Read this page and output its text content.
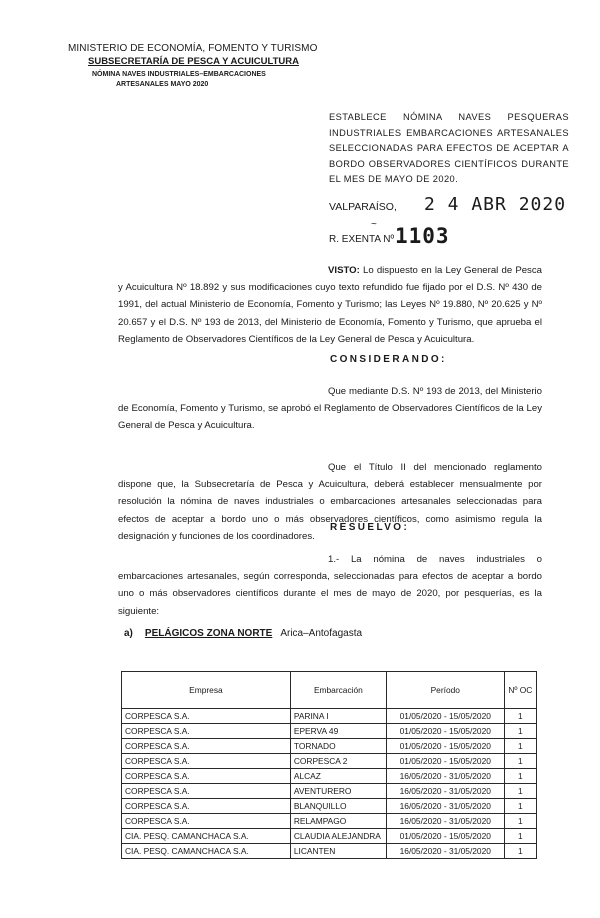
MINISTERIO DE ECONOMÍA, FOMENTO Y TURISMO
SUBSECRETARÍA DE PESCA Y ACUICULTURA
NÓMINA NAVES INDUSTRIALES–EMBARCACIONES
ARTESANALES MAYO 2020
ESTABLECE NÓMINA NAVES PESQUERAS INDUSTRIALES EMBARCACIONES ARTESANALES SELECCIONADAS PARA EFECTOS DE ACEPTAR A BORDO OBSERVADORES CIENTÍFICOS DURANTE EL MES DE MAYO DE 2020.
VALPARAÍSO, 2 4 ABR 2020
~
R. EXENTA Nº 1103

VISTO: Lo dispuesto en la Ley General de Pesca y Acuicultura Nº 18.892 y sus modificaciones cuyo texto refundido fue fijado por el D.S. Nº 430 de 1991, del actual Ministerio de Economía, Fomento y Turismo; las Leyes Nº 19.880, Nº 20.625 y Nº 20.657 y el D.S. Nº 193 de 2013, del Ministerio de Economía, Fomento y Turismo, que aprueba el Reglamento de Observadores Científicos de la Ley General de Pesca y Acuicultura.

CONSIDERANDO:

Que mediante D.S. Nº 193 de 2013, del Ministerio de Economía, Fomento y Turismo, se aprobó el Reglamento de Observadores Científicos de la Ley General de Pesca y Acuicultura.

Que el Título II del mencionado reglamento dispone que, la Subsecretaría de Pesca y Acuicultura, deberá establecer mensualmente por resolución la nómina de naves industriales o embarcaciones artesanales seleccionadas para efectos de aceptar a bordo uno o más observadores científicos, como asimismo regula la designación y funciones de los coordinadores.

RESUELVO:

1.- La nómina de naves industriales o embarcaciones artesanales, según corresponda, seleccionadas para efectos de aceptar a bordo uno o más observadores científicos durante el mes de mayo de 2020, por pesquerías, es la siguiente:

a) PELÁGICOS ZONA NORTE Arica–Antofagasta
Empresa	Embarcación	Período	Nº OC
CORPESCA S.A.	PARINA I	01/05/2020 - 15/05/2020	1
CORPESCA S.A.	EPERVA 49	01/05/2020 - 15/05/2020	1
CORPESCA S.A.	TORNADO	01/05/2020 - 15/05/2020	1
CORPESCA S.A.	CORPESCA 2	01/05/2020 - 15/05/2020	1
CORPESCA S.A.	ALCAZ	16/05/2020 - 31/05/2020	1
CORPESCA S.A.	AVENTURERO	16/05/2020 - 31/05/2020	1
CORPESCA S.A.	BLANQUILLO	16/05/2020 - 31/05/2020	1
CORPESCA S.A.	RELAMPAGO	16/05/2020 - 31/05/2020	1
CIA. PESQ. CAMANCHACA S.A.	CLAUDIA ALEJANDRA	01/05/2020 - 15/05/2020	1
CIA. PESQ. CAMANCHACA S.A.	LICANTEN	16/05/2020 - 31/05/2020	1
